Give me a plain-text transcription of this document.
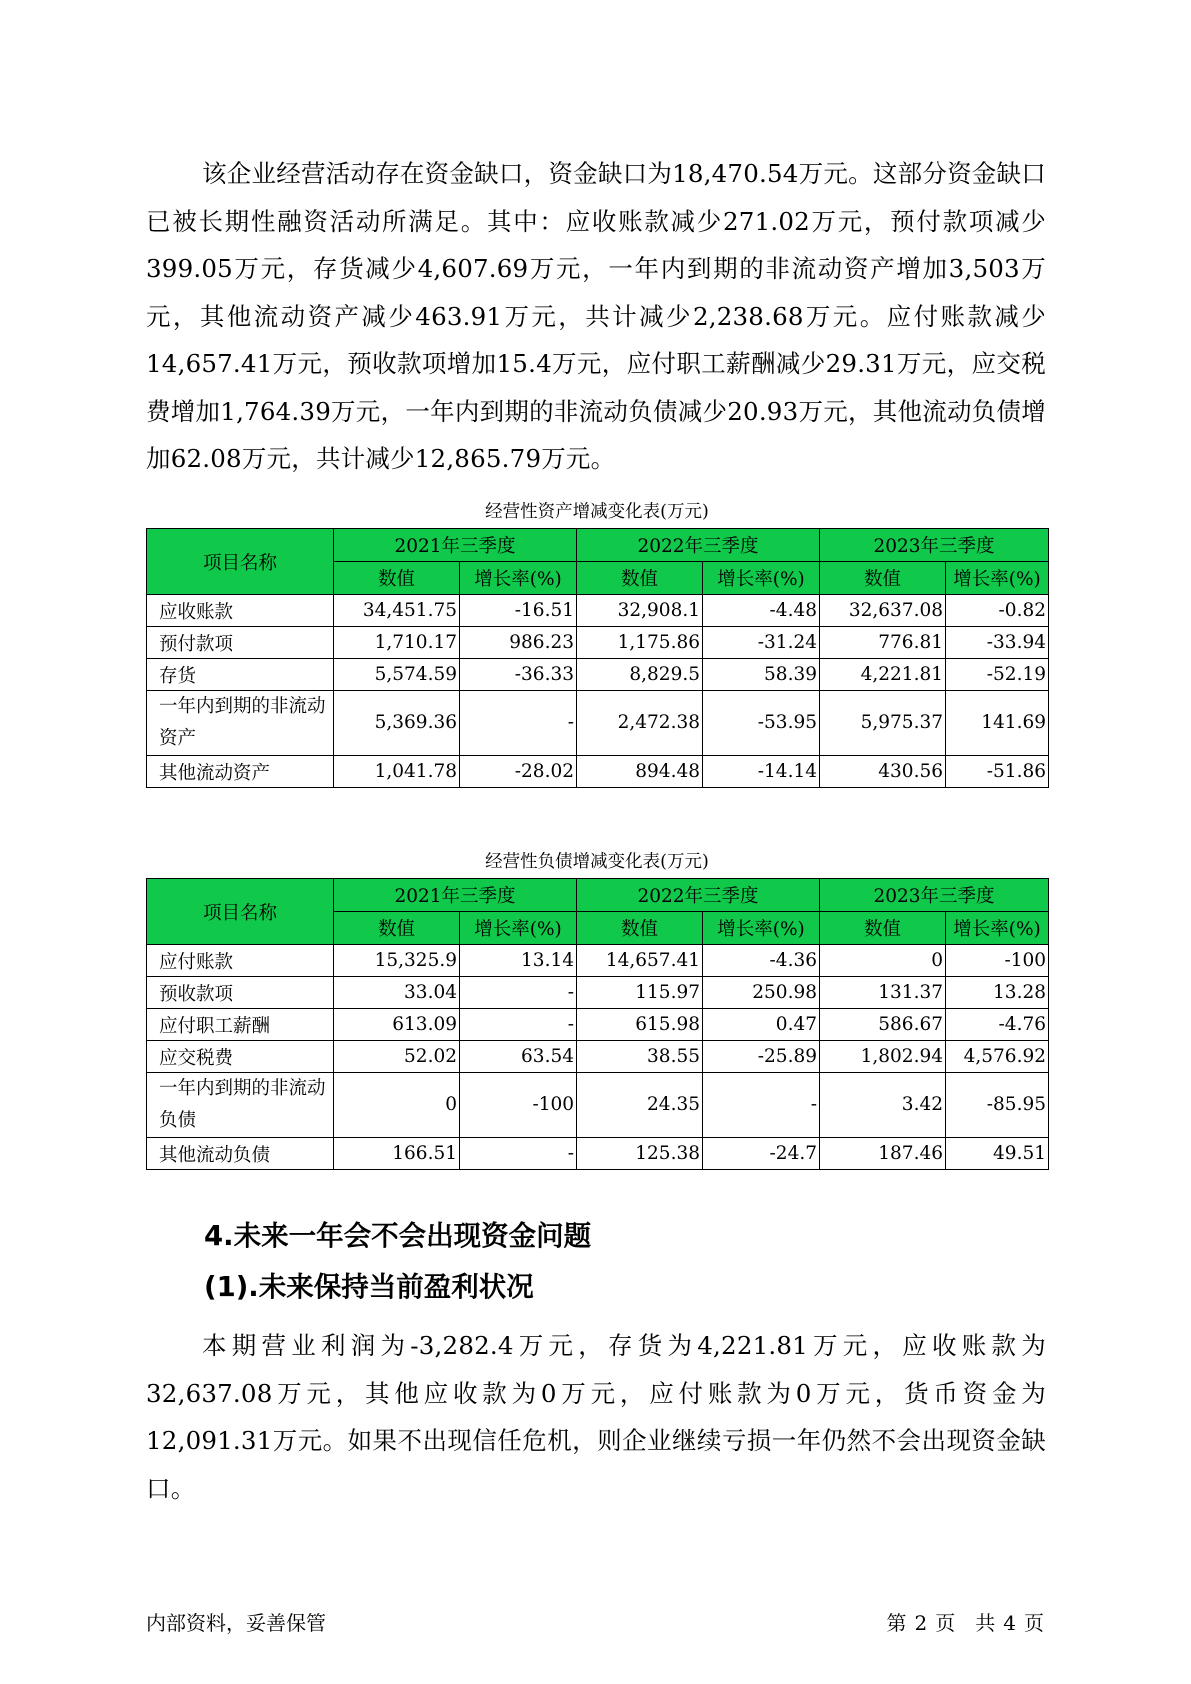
该企业经营活动存在资金缺口，资金缺口为18,470.54万元。这部分资金缺口已被长期性融资活动所满足。其中：应收账款减少271.02万元，预付款项减少399.05万元，存货减少4,607.69万元，一年内到期的非流动资产增加3,503万元，其他流动资产减少463.91万元，共计减少2,238.68万元。应付账款减少14,657.41万元，预收款项增加15.4万元，应付职工薪酬减少29.31万元，应交税费增加1,764.39万元，一年内到期的非流动负债减少20.93万元，其他流动负债增加62.08万元，共计减少12,865.79万元。

经营性资产增减变化表(万元)

项目名称	2021年三季度		2022年三季度		2023年三季度	
	数值	增长率(%)	数值	增长率(%)	数值	增长率(%)
应收账款	34,451.75	-16.51	32,908.1	-4.48	32,637.08	-0.82
预付款项	1,710.17	986.23	1,175.86	-31.24	776.81	-33.94
存货	5,574.59	-36.33	8,829.5	58.39	4,221.81	-52.19
一年内到期的非流动资产	5,369.36	-	2,472.38	-53.95	5,975.37	141.69
其他流动资产	1,041.78	-28.02	894.48	-14.14	430.56	-51.86

经营性负债增减变化表(万元)

项目名称	2021年三季度		2022年三季度		2023年三季度	
	数值	增长率(%)	数值	增长率(%)	数值	增长率(%)
应付账款	15,325.9	13.14	14,657.41	-4.36	0	-100
预收款项	33.04	-	115.97	250.98	131.37	13.28
应付职工薪酬	613.09	-	615.98	0.47	586.67	-4.76
应交税费	52.02	63.54	38.55	-25.89	1,802.94	4,576.92
一年内到期的非流动负债	0	-100	24.35	-	3.42	-85.95
其他流动负债	166.51	-	125.38	-24.7	187.46	49.51
4.未来一年会不会出现资金问题
(1).未来保持当前盈利状况

本期营业利润为-3,282.4万元，存货为4,221.81万元，应收账款为32,637.08万元，其他应收款为0万元，应付账款为0万元，货币资金为12,091.31万元。如果不出现信任危机，则企业继续亏损一年仍然不会出现资金缺口。

内部资料，妥善保管	第 2 页　共 4 页
